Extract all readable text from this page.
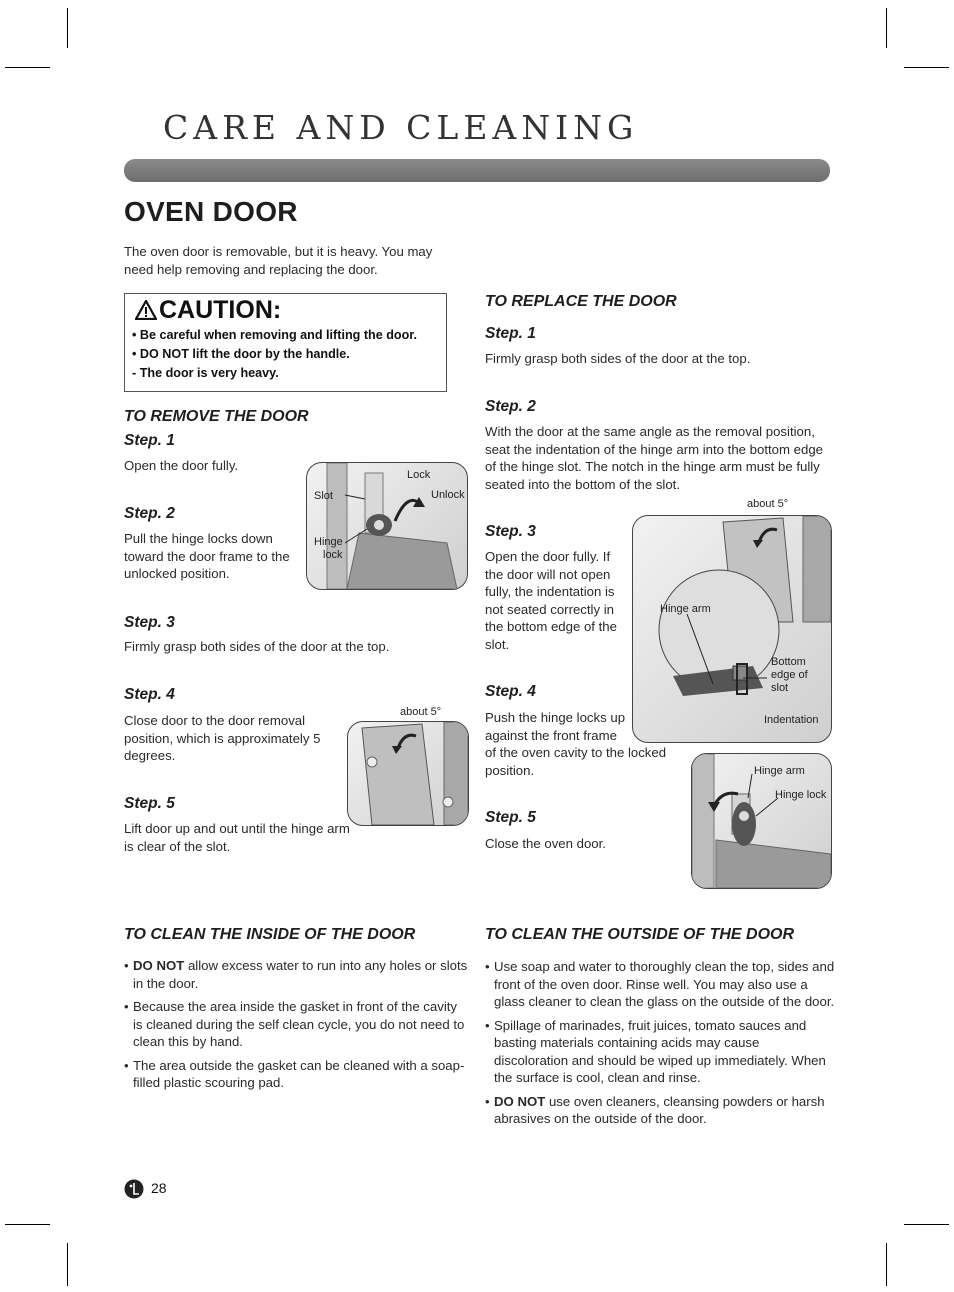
CARE AND CLEANING
OVEN DOOR
The oven door is removable, but it is heavy. You may
need help removing and replacing the door.
CAUTION:
• Be careful when removing and lifting the door.
• DO NOT lift the door by the handle.
- The door is very heavy.
TO REMOVE THE DOOR
Step. 1
Open the door fully.
Step. 2
Pull the hinge locks down
toward the door frame to the
unlocked position.
Step. 3
Firmly grasp both sides of the door at the top.
Step. 4
Close door to the door removal
position, which is approximately 5
degrees.
Step. 5
Lift door up and out until the hinge arm
is clear of the slot.
Lock
Unlock
Slot
Hinge
lock
about 5°
TO REPLACE THE DOOR
Step. 1
Firmly grasp both sides of the door at the top.
Step. 2
With the door at the same angle as the removal position,
seat the indentation of the hinge arm into the bottom edge
of the hinge slot. The notch in the hinge arm must be fully
seated into the bottom of the slot.
Step. 3
Open the door fully. If
the door will not open
fully, the indentation is
not seated correctly in
the bottom edge of the
slot.
Step. 4
Push the hinge locks up
against the front frame
of the oven cavity to the locked
position.
Step. 5
Close the oven door.
about 5°
Hinge arm
Bottom
edge of
slot
Indentation
Hinge arm
Hinge lock
TO CLEAN THE INSIDE OF THE DOOR
• DO NOT allow excess water to run into any holes or slots in the door.
• Because the area inside the gasket in front of the cavity is cleaned during the self clean cycle, you do not need to clean this by hand.
• The area outside the gasket can be cleaned with a soap-filled plastic scouring pad.
TO CLEAN THE OUTSIDE OF THE DOOR
• Use soap and water to thoroughly clean the top, sides and front of the oven door. Rinse well. You may also use a glass cleaner to clean the glass on the outside of the door.
• Spillage of marinades, fruit juices, tomato sauces and basting materials containing acids may cause discoloration and should be wiped up immediately. When the surface is cool, clean and rinse.
• DO NOT use oven cleaners, cleansing powders or harsh abrasives on the outside of the door.
28
